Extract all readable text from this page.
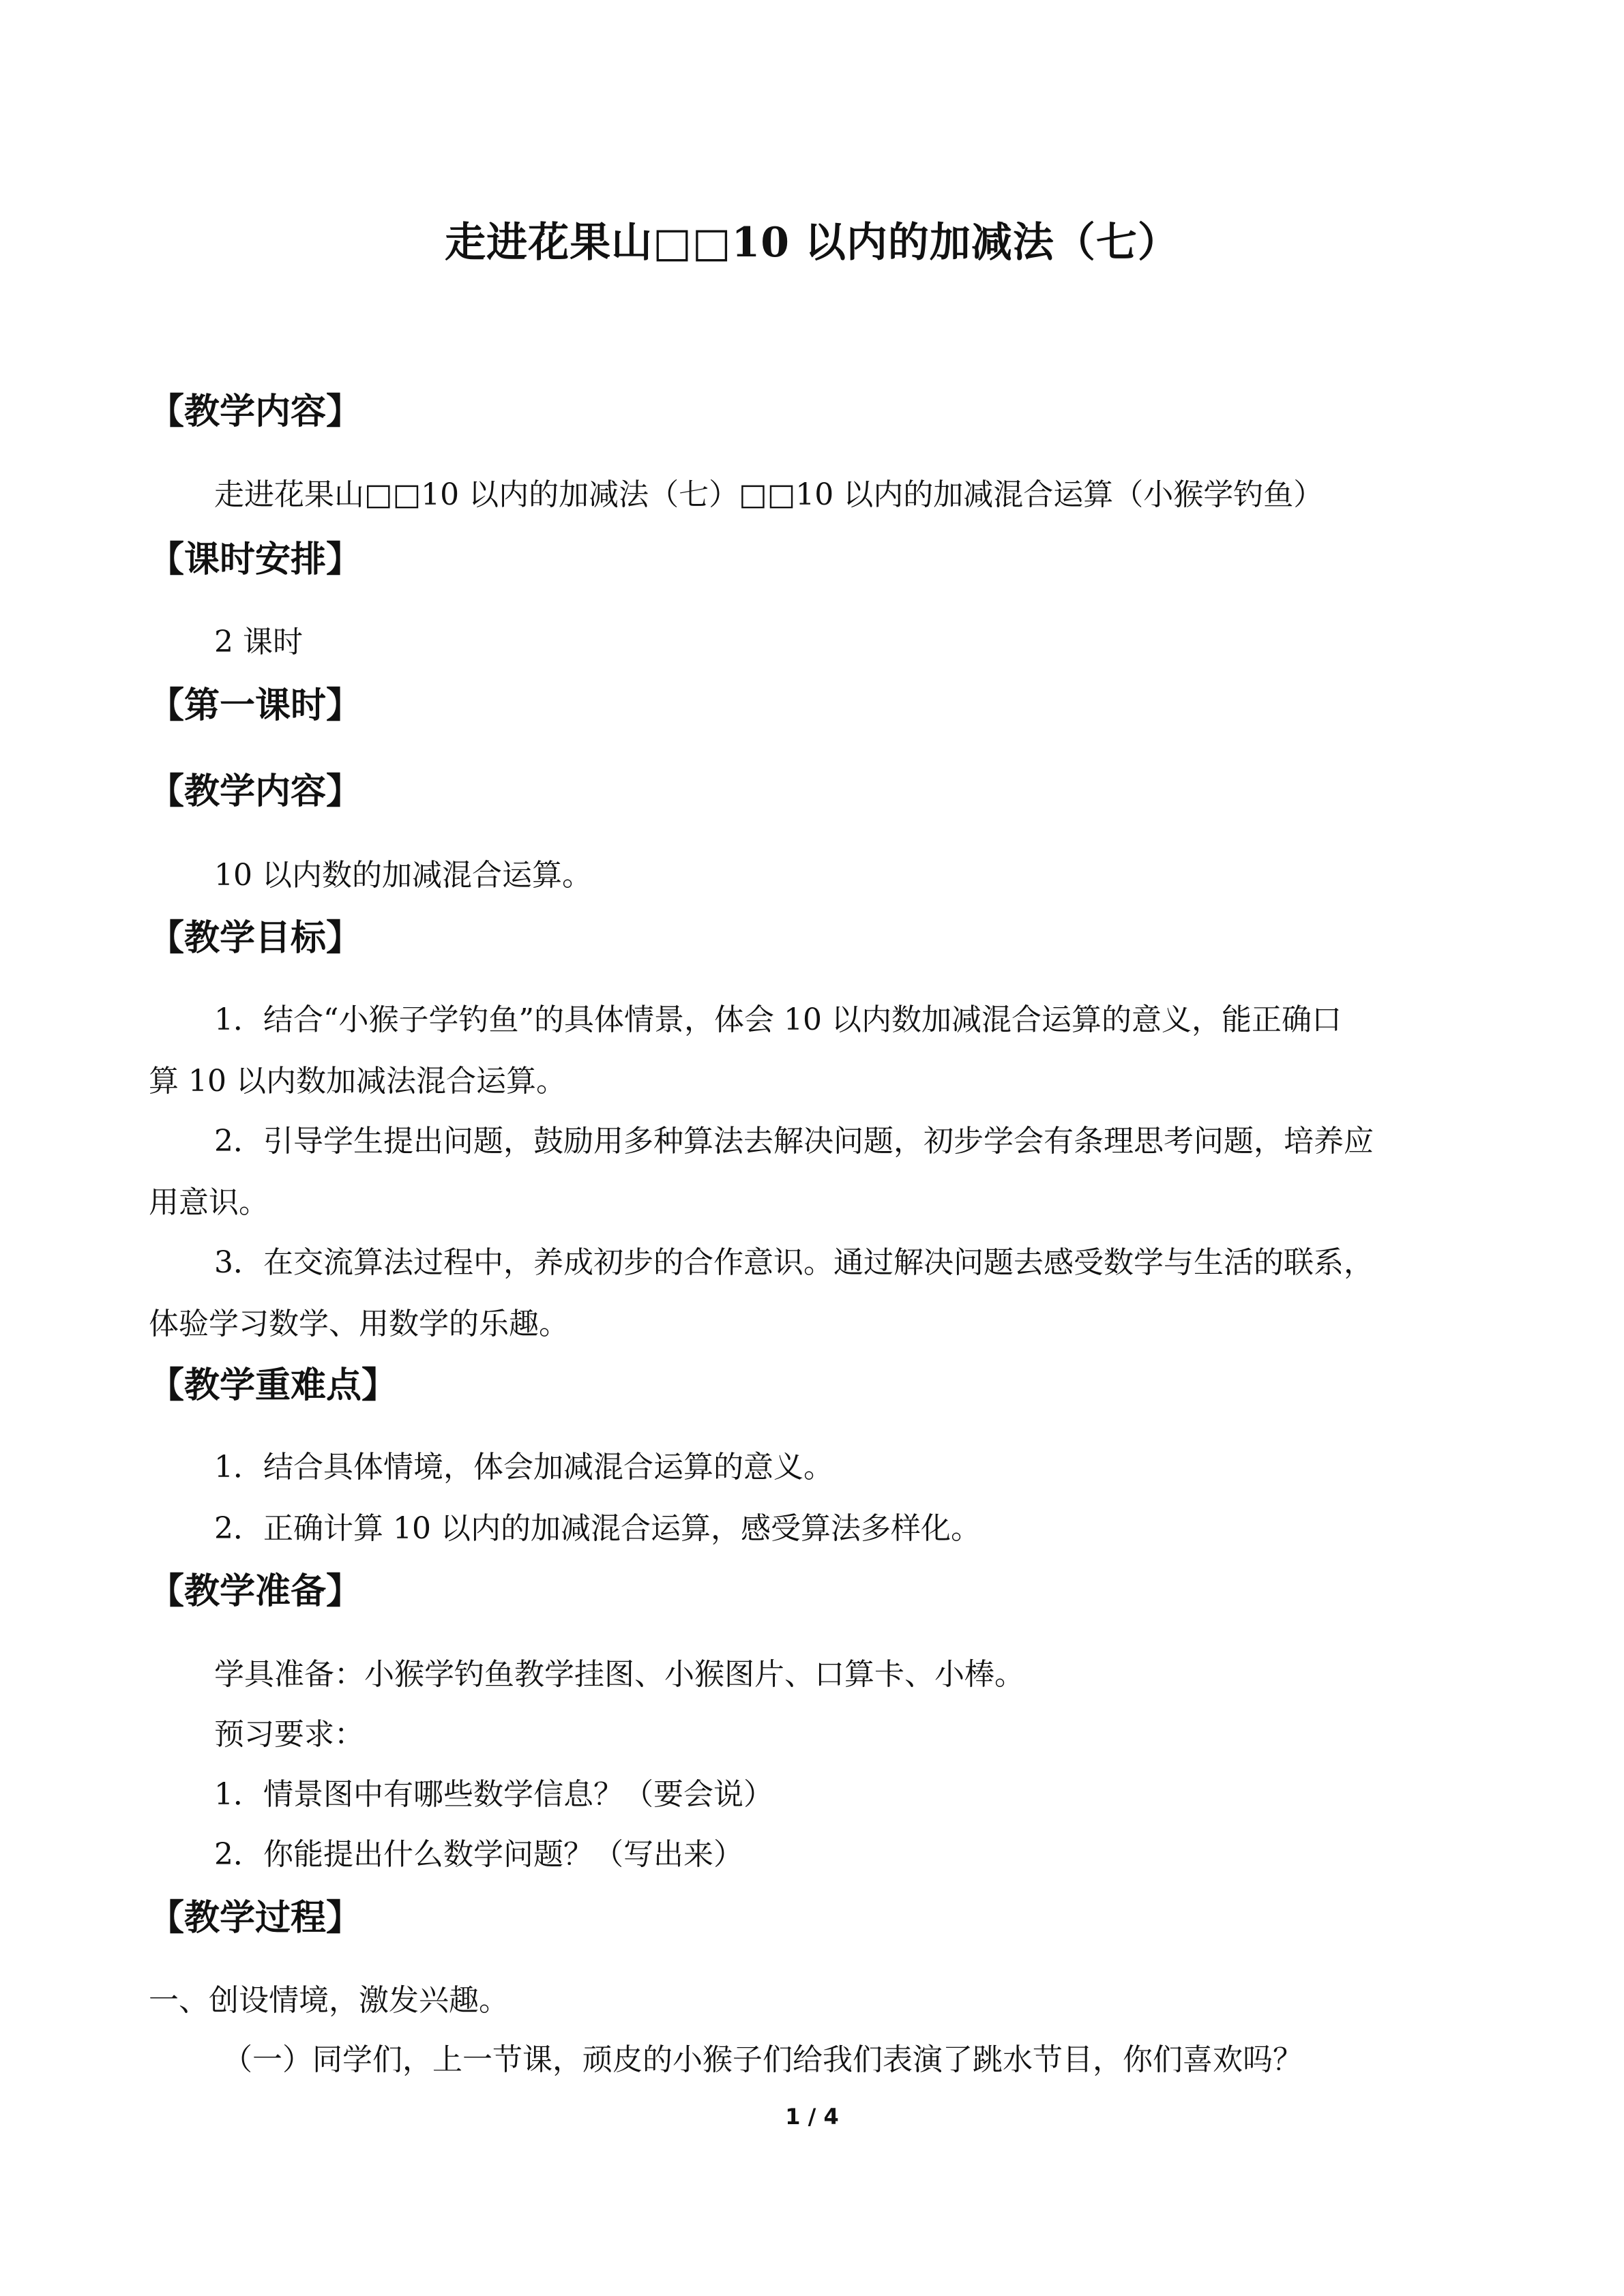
走进花果山□□10 以内的加减法（七）
【教学内容】
走进花果山□□10 以内的加减法（七）□□10 以内的加减混合运算（小猴学钓鱼）
【课时安排】
2 课时
【第一课时】
【教学内容】
10 以内数的加减混合运算。
【教学目标】
1．结合“小猴子学钓鱼”的具体情景，体会 10 以内数加减混合运算的意义，能正确口
算 10 以内数加减法混合运算。
2．引导学生提出问题，鼓励用多种算法去解决问题，初步学会有条理思考问题，培养应
用意识。
3．在交流算法过程中，养成初步的合作意识。通过解决问题去感受数学与生活的联系，
体验学习数学、用数学的乐趣。
【教学重难点】
1．结合具体情境，体会加减混合运算的意义。
2．正确计算 10 以内的加减混合运算，感受算法多样化。
【教学准备】
学具准备：小猴学钓鱼教学挂图、小猴图片、口算卡、小棒。
预习要求：
1．情景图中有哪些数学信息？（要会说）
2．你能提出什么数学问题？（写出来）
【教学过程】
一、创设情境，激发兴趣。
（一）同学们，上一节课，顽皮的小猴子们给我们表演了跳水节目，你们喜欢吗？
1 / 4
